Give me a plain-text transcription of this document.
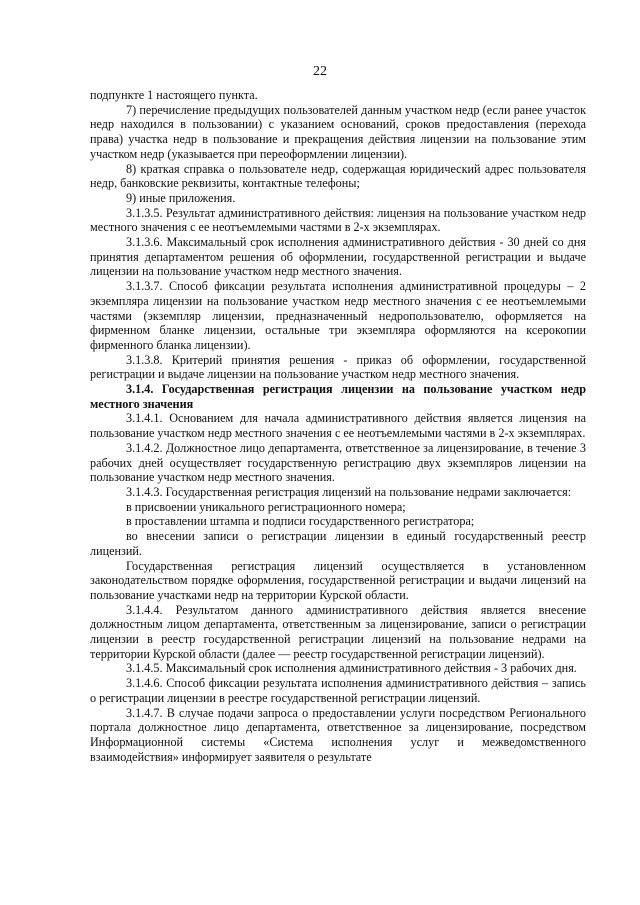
22

подпункте 1 настоящего пункта.

7) перечисление предыдущих пользователей данным участком недр (если ранее участок недр находился в пользовании) с указанием оснований, сроков предоставления (перехода права) участка недр в пользование и прекращения действия лицензии на пользование этим участком недр (указывается при переоформлении лицензии).

8) краткая справка о пользователе недр, содержащая юридический адрес пользователя недр, банковские реквизиты, контактные телефоны;

9) иные приложения.

3.1.3.5. Результат административного действия: лицензия на пользование участком недр местного значения с ее неотъемлемыми частями в 2-х экземплярах.

3.1.3.6. Максимальный срок исполнения административного действия - 30 дней со дня принятия департаментом решения об оформлении, государственной регистрации и выдаче лицензии на пользование участком недр местного значения.

3.1.3.7. Способ фиксации результата исполнения административной процедуры – 2 экземпляра лицензии на пользование участком недр местного значения с ее неотъемлемыми частями (экземпляр лицензии, предназначенный недропользователю, оформляется на фирменном бланке лицензии, остальные три экземпляра оформляются на ксерокопии фирменного бланка лицензии).

3.1.3.8. Критерий принятия решения - приказ об оформлении, государственной регистрации и выдаче лицензии на пользование участком недр местного значения.

3.1.4. Государственная регистрация лицензии на пользование участком недр местного значения

3.1.4.1. Основанием для начала административного действия является лицензия на пользование участком недр местного значения с ее неотъемлемыми частями в 2-х экземплярах.

3.1.4.2. Должностное лицо департамента, ответственное за лицензирование, в течение 3 рабочих дней осуществляет государственную регистрацию двух экземпляров лицензии на пользование участком недр местного значения.

3.1.4.3. Государственная регистрация лицензий на пользование недрами заключается:

в присвоении уникального регистрационного номера;

в проставлении штампа и подписи государственного регистратора;

во внесении записи о регистрации лицензии в единый государственный реестр лицензий.

Государственная регистрация лицензий осуществляется в установленном законодательством порядке оформления, государственной регистрации и выдачи лицензий на пользование участками недр на территории Курской области.

3.1.4.4. Результатом данного административного действия является внесение должностным лицом департамента, ответственным за лицензирование, записи о регистрации лицензии в реестр государственной регистрации лицензий на пользование недрами на территории Курской области (далее — реестр государственной регистрации лицензий).

3.1.4.5. Максимальный срок исполнения административного действия - 3 рабочих дня.

3.1.4.6. Способ фиксации результата исполнения административного действия – запись о регистрации лицензии в реестре государственной регистрации лицензий.

3.1.4.7. В случае подачи запроса о предоставлении услуги посредством Регионального портала должностное лицо департамента, ответственное за лицензирование, посредством Информационной системы «Система исполнения услуг и межведомственного взаимодействия» информирует заявителя о результате
